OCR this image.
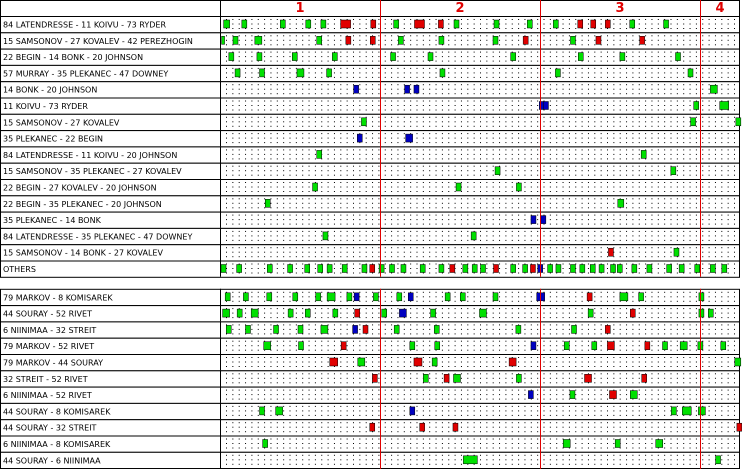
1	2	3	4
84 LATENDRESSE - 11 KOIVU - 73 RYDER
15 SAMSONOV - 27 KOVALEV - 42 PEREZHOGIN
22 BEGIN - 14 BONK - 20 JOHNSON
57 MURRAY - 35 PLEKANEC - 47 DOWNEY
14 BONK - 20 JOHNSON
11 KOIVU - 73 RYDER
15 SAMSONOV - 27 KOVALEV
35 PLEKANEC - 22 BEGIN
84 LATENDRESSE - 11 KOIVU - 20 JOHNSON
15 SAMSONOV - 35 PLEKANEC - 27 KOVALEV
22 BEGIN - 27 KOVALEV - 20 JOHNSON
22 BEGIN - 35 PLEKANEC - 20 JOHNSON
35 PLEKANEC - 14 BONK
84 LATENDRESSE - 35 PLEKANEC - 47 DOWNEY
15 SAMSONOV - 14 BONK - 27 KOVALEV
OTHERS
79 MARKOV - 8 KOMISAREK
44 SOURAY - 52 RIVET
6 NIINIMAA - 32 STREIT
79 MARKOV - 52 RIVET
79 MARKOV - 44 SOURAY
32 STREIT - 52 RIVET
6 NIINIMAA - 52 RIVET
44 SOURAY - 8 KOMISAREK
44 SOURAY - 32 STREIT
6 NIINIMAA - 8 KOMISAREK
44 SOURAY - 6 NIINIMAA
